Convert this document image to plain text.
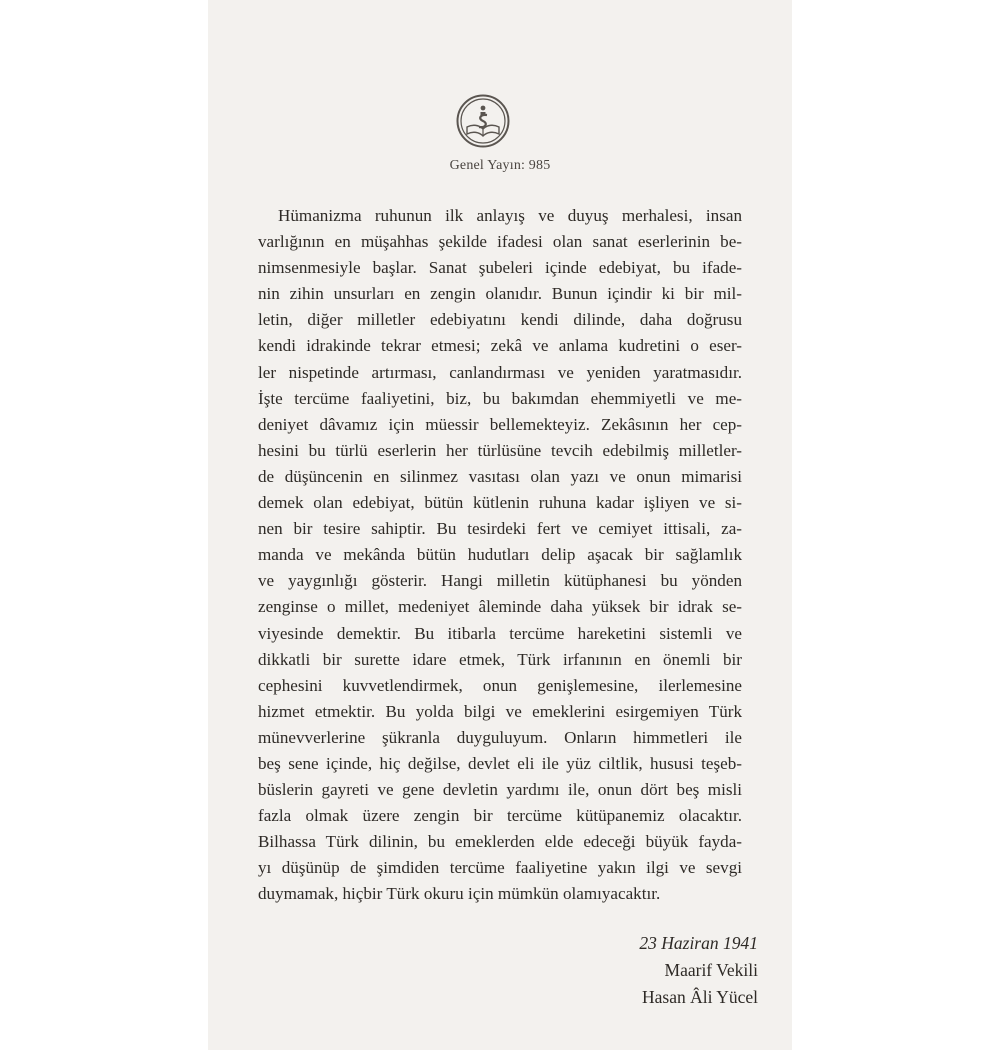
Genel Yayın: 985
Hümanizma ruhunun ilk anlayış ve duyuş merhalesi, insan
varlığının en müşahhas şekilde ifadesi olan sanat eserlerinin be-
nimsenmesiyle başlar. Sanat şubeleri içinde edebiyat, bu ifade-
nin zihin unsurları en zengin olanıdır. Bunun içindir ki bir mil-
letin, diğer milletler edebiyatını kendi dilinde, daha doğrusu
kendi idrakinde tekrar etmesi; zekâ ve anlama kudretini o eser-
ler nispetinde artırması, canlandırması ve yeniden yaratmasıdır.
İşte tercüme faaliyetini, biz, bu bakımdan ehemmiyetli ve me-
deniyet dâvamız için müessir bellemekteyiz. Zekâsının her cep-
hesini bu türlü eserlerin her türlüsüne tevcih edebilmiş milletler-
de düşüncenin en silinmez vasıtası olan yazı ve onun mimarisi
demek olan edebiyat, bütün kütlenin ruhuna kadar işliyen ve si-
nen bir tesire sahiptir. Bu tesirdeki fert ve cemiyet ittisali, za-
manda ve mekânda bütün hudutları delip aşacak bir sağlamlık
ve yaygınlığı gösterir. Hangi milletin kütüphanesi bu yönden
zenginse o millet, medeniyet âleminde daha yüksek bir idrak se-
viyesinde demektir. Bu itibarla tercüme hareketini sistemli ve
dikkatli bir surette idare etmek, Türk irfanının en önemli bir
cephesini kuvvetlendirmek, onun genişlemesine, ilerlemesine
hizmet etmektir. Bu yolda bilgi ve emeklerini esirgemiyen Türk
münevverlerine şükranla duyguluyum. Onların himmetleri ile
beş sene içinde, hiç değilse, devlet eli ile yüz ciltlik, hususi teşeb-
büslerin gayreti ve gene devletin yardımı ile, onun dört beş misli
fazla olmak üzere zengin bir tercüme kütüpanemiz olacaktır.
Bilhassa Türk dilinin, bu emeklerden elde edeceği büyük fayda-
yı düşünüp de şimdiden tercüme faaliyetine yakın ilgi ve sevgi
duymamak, hiçbir Türk okuru için mümkün olamıyacaktır.
23 Haziran 1941
Maarif Vekili
Hasan Âli Yücel
